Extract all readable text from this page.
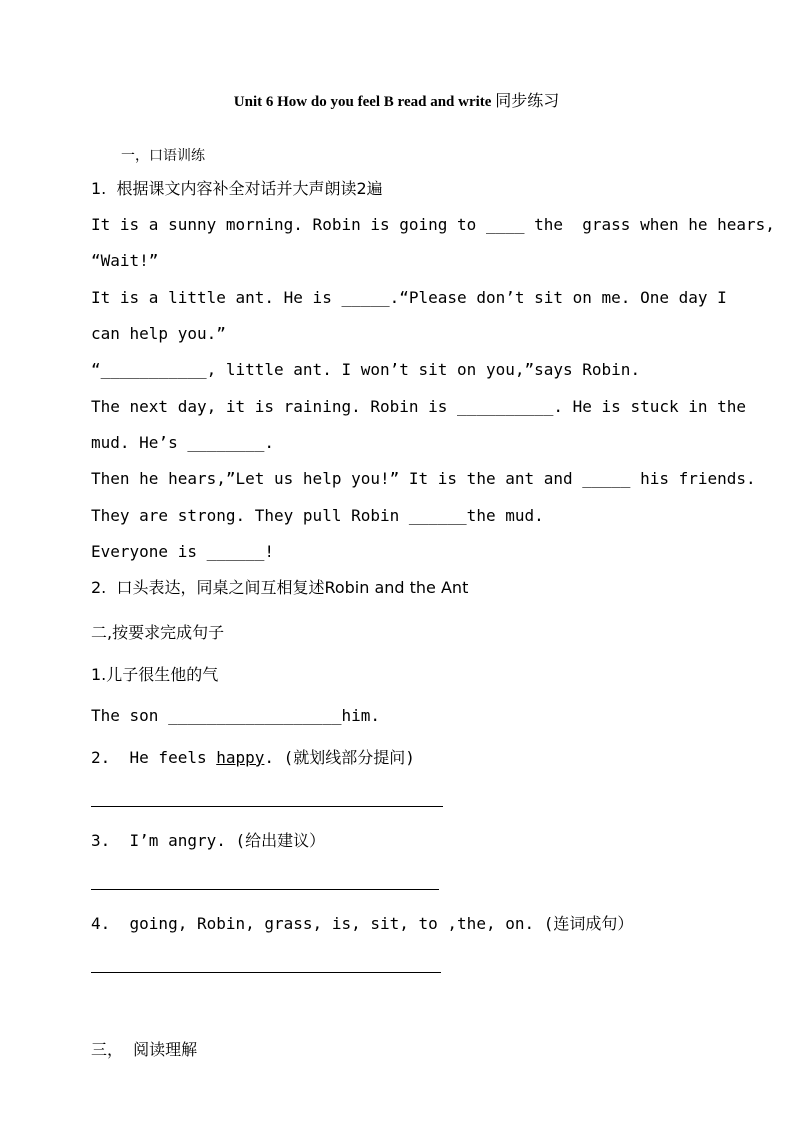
Unit 6 How do you feel B read and write 同步练习
一，口语训练
1.  根据课文内容补全对话并大声朗读2遍
It is a sunny morning. Robin is going to ____ the  grass when he hears,
“Wait!”
It is a little ant. He is _____.“Please don’t sit on me. One day I
can help you.”
“___________, little ant. I won’t sit on you,”says Robin.
The next day, it is raining. Robin is __________. He is stuck in the
mud. He’s ________.
Then he hears,”Let us help you!” It is the ant and _____ his friends.
They are strong. They pull Robin ______the mud.
Everyone is ______!
2.  口头表达，同桌之间互相复述Robin and the Ant
二,按要求完成句子
1.儿子很生他的气
The son __________________him.
2.  He feels happy. (就划线部分提问)
3.  I’m angry. (给出建议）
4.  going, Robin, grass, is, sit, to ,the, on. (连词成句）
三，  阅读理解
